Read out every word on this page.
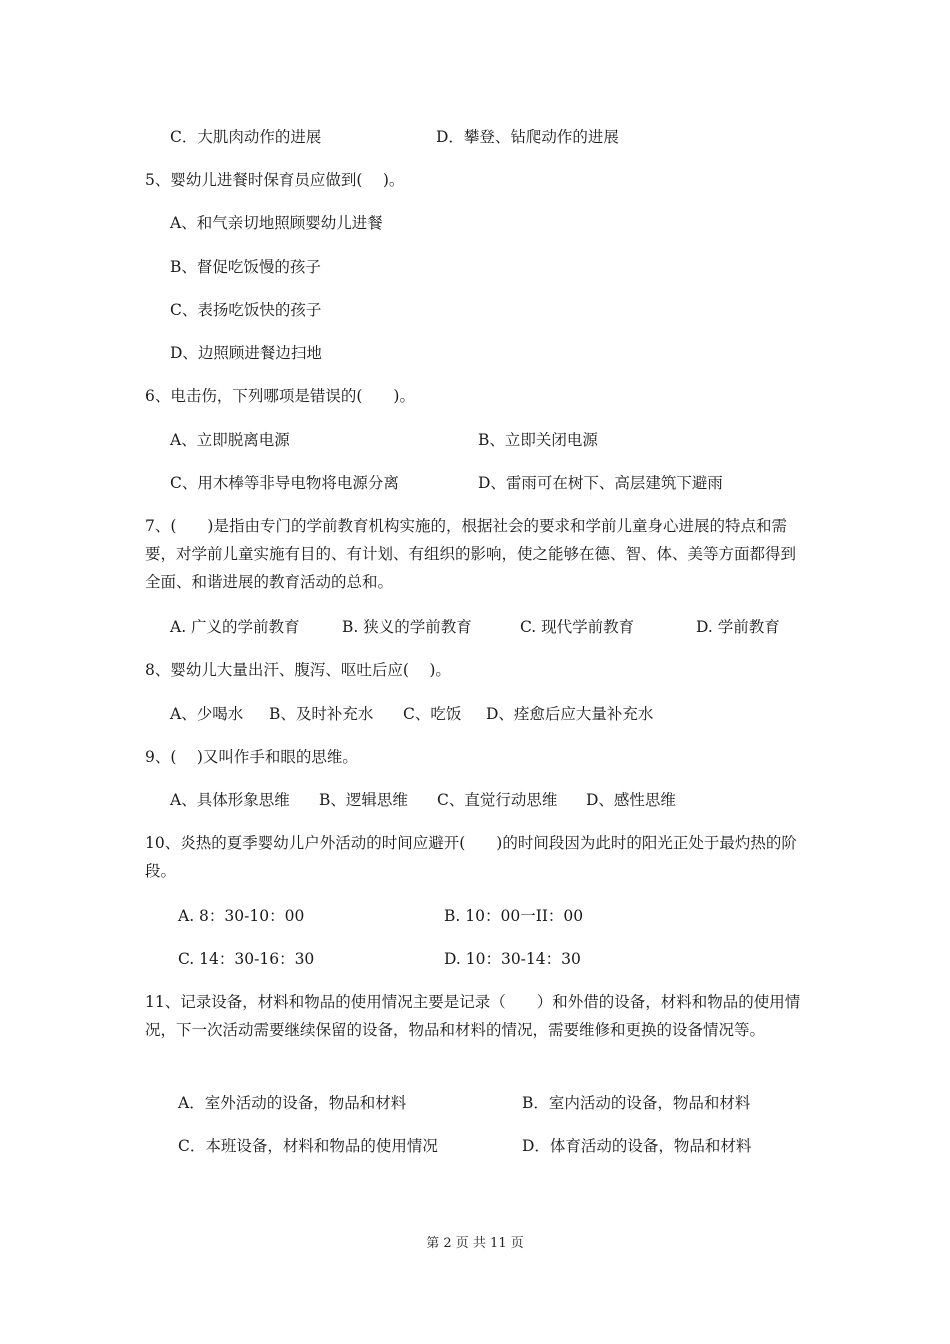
C．大肌肉动作的进展	D．攀登、钻爬动作的进展
5、婴幼儿进餐时保育员应做到(　 )。
A、和气亲切地照顾婴幼儿进餐
B、督促吃饭慢的孩子
C、表扬吃饭快的孩子
D、边照顾进餐边扫地
6、电击伤，下列哪项是错误的(　　)。
A、立即脱离电源	B、立即关闭电源
C、用木棒等非导电物将电源分离	D、雷雨可在树下、高层建筑下避雨
7、(　　)是指由专门的学前教育机构实施的，根据社会的要求和学前儿童身心进展的特点和需要，对学前儿童实施有目的、有计划、有组织的影响，使之能够在德、智、体、美等方面都得到全面、和谐进展的教育活动的总和。
A. 广义的学前教育	B. 狭义的学前教育	C. 现代学前教育	D. 学前教育
8、婴幼儿大量出汗、腹泻、呕吐后应(　 )。
A、少喝水 B、及时补充水 C、吃饭 D、痊愈后应大量补充水
9、(　 )又叫作手和眼的思维。
A、具体形象思维 B、逻辑思维 C、直觉行动思维 D、感性思维
10、炎热的夏季婴幼儿户外活动的时间应避开(　　)的时间段因为此时的阳光正处于最灼热的阶段。
A. 8：30-10：00	B. 10：00一II：00
C. 14：30-16：30	D. 10：30-14：30
11、记录设备，材料和物品的使用情况主要是记录（　　）和外借的设备，材料和物品的使用情况，下一次活动需要继续保留的设备，物品和材料的情况，需要维修和更换的设备情况等。
A．室外活动的设备，物品和材料	B．室内活动的设备，物品和材料
C．本班设备，材料和物品的使用情况	D．体育活动的设备，物品和材料
第 2 页 共 11 页
